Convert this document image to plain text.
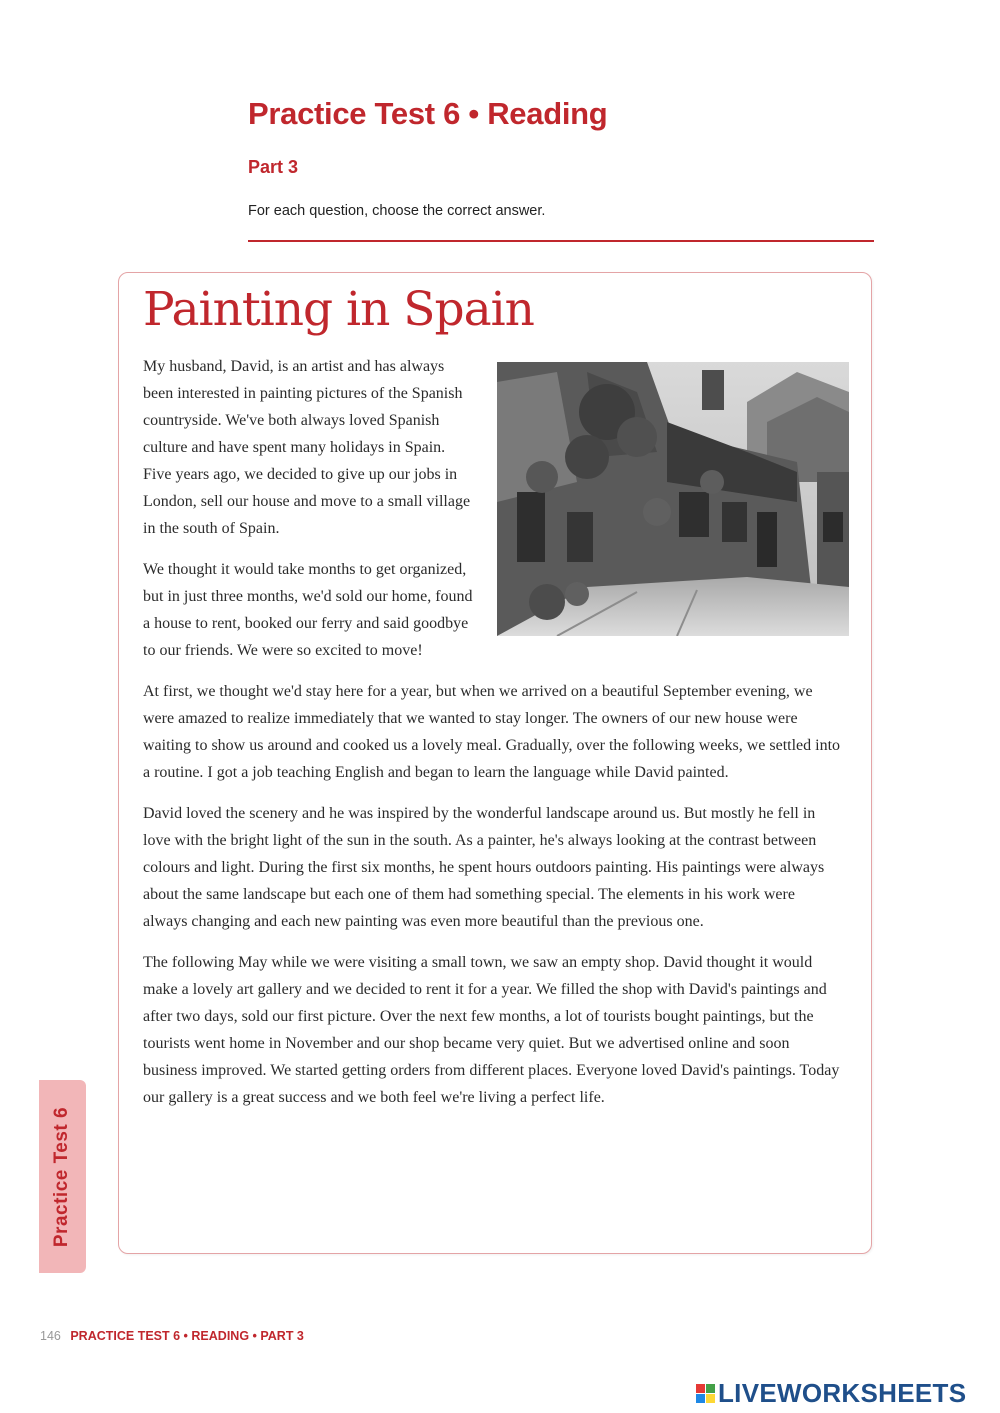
Practice Test 6 • Reading
Part 3

For each question, choose the correct answer.

Painting in Spain

My husband, David, is an artist and has always been interested in painting pictures of the Spanish countryside. We've both always loved Spanish culture and have spent many holidays in Spain. Five years ago, we decided to give up our jobs in London, sell our house and move to a small village in the south of Spain.

We thought it would take months to get organized, but in just three months, we'd sold our home, found a house to rent, booked our ferry and said goodbye to our friends. We were so excited to move!

At first, we thought we'd stay here for a year, but when we arrived on a beautiful September evening, we were amazed to realize immediately that we wanted to stay longer. The owners of our new house were waiting to show us around and cooked us a lovely meal. Gradually, over the following weeks, we settled into a routine. I got a job teaching English and began to learn the language while David painted.

David loved the scenery and he was inspired by the wonderful landscape around us. But mostly he fell in love with the bright light of the sun in the south. As a painter, he's always looking at the contrast between colours and light. During the first six months, he spent hours outdoors painting. His paintings were always about the same landscape but each one of them had something special. The elements in his work were always changing and each new painting was even more beautiful than the previous one.

The following May while we were visiting a small town, we saw an empty shop. David thought it would make a lovely art gallery and we decided to rent it for a year. We filled the shop with David's paintings and after two days, sold our first picture. Over the next few months, a lot of tourists bought paintings, but the tourists went home in November and our shop became very quiet. But we advertised online and soon business improved. We started getting orders from different places. Everyone loved David's paintings. Today our gallery is a great success and we both feel we're living a perfect life.

Practice Test 6

146 PRACTICE TEST 6 • READING • PART 3

LIVEWORKSHEETS
